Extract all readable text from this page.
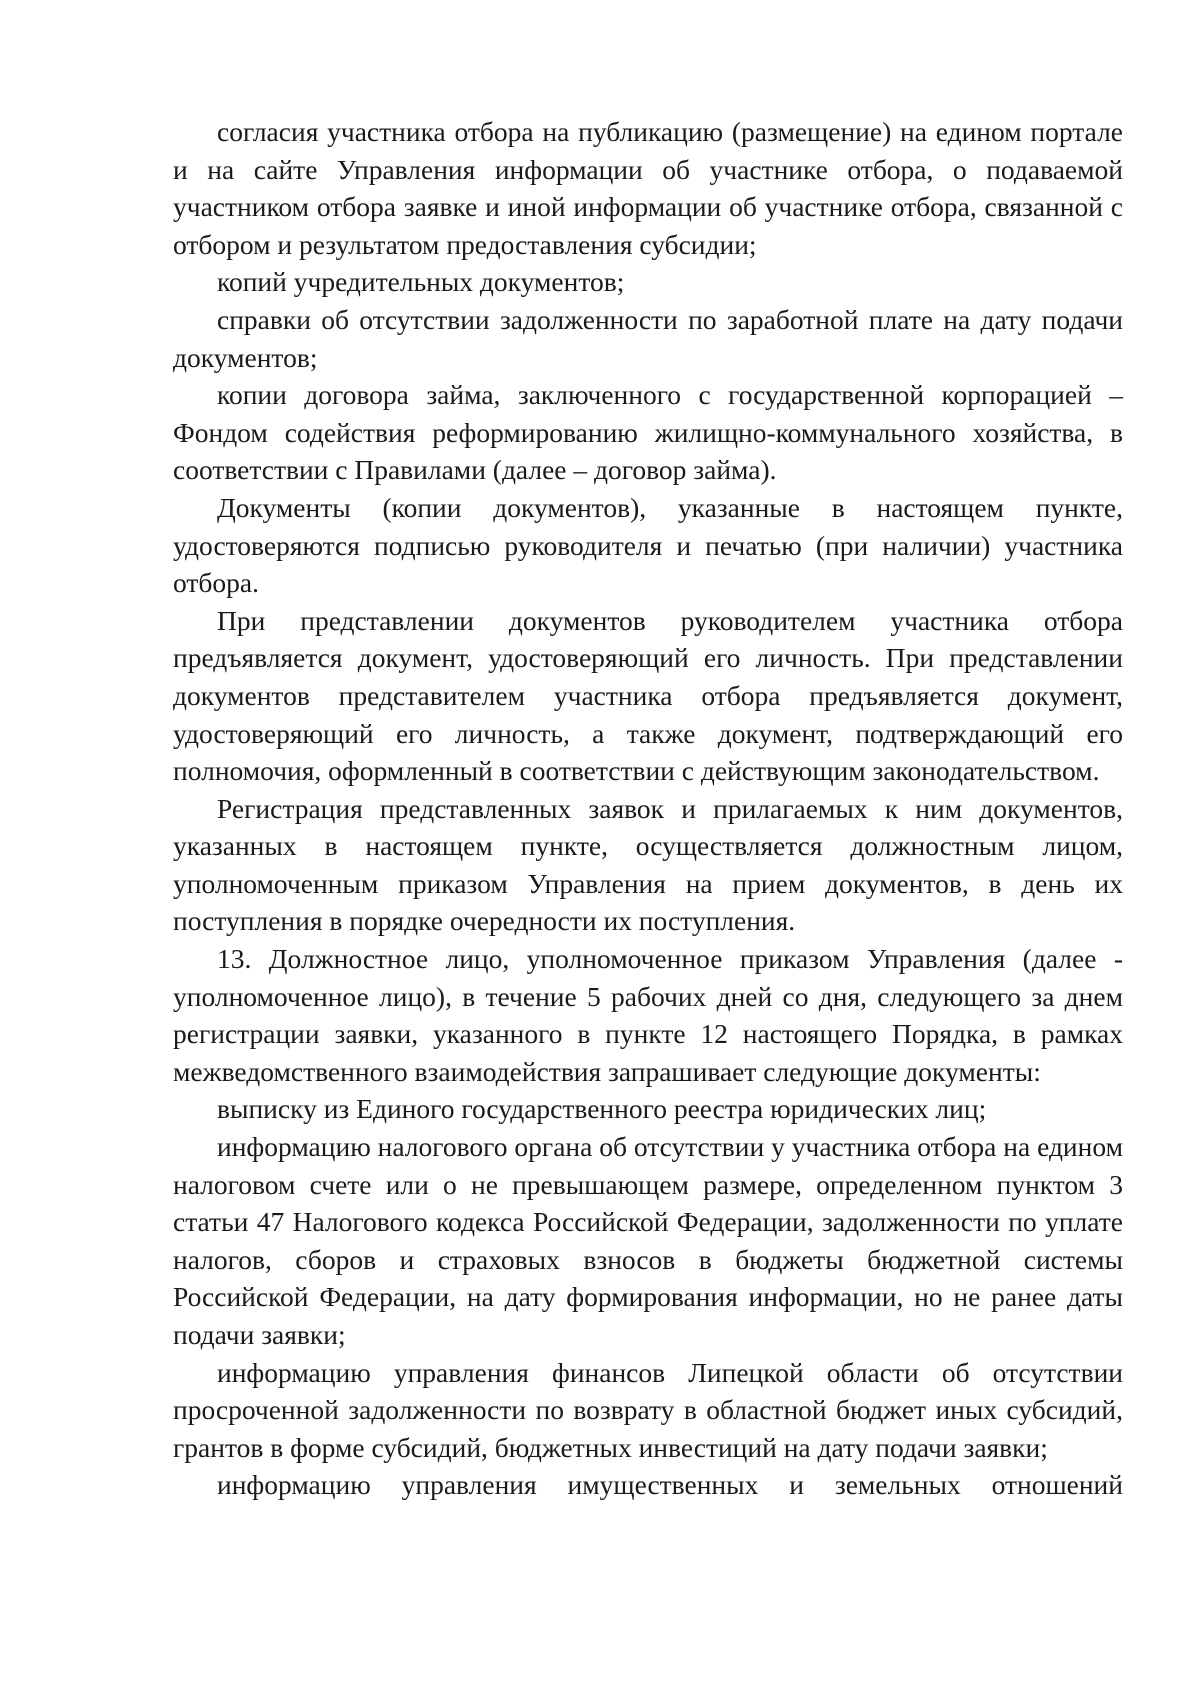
согласия участника отбора на публикацию (размещение) на едином портале и на сайте Управления информации об участнике отбора, о подаваемой участником отбора заявке и иной информации об участнике отбора, связанной с отбором и результатом предоставления субсидии;

копий учредительных документов;

справки об отсутствии задолженности по заработной плате на дату подачи документов;

копии договора займа, заключенного с государственной корпорацией – Фондом содействия реформированию жилищно-коммунального хозяйства, в соответствии с Правилами (далее – договор займа).

Документы (копии документов), указанные в настоящем пункте, удостоверяются подписью руководителя и печатью (при наличии) участника отбора.

При представлении документов руководителем участника отбора предъявляется документ, удостоверяющий его личность. При представлении документов представителем участника отбора предъявляется документ, удостоверяющий его личность, а также документ, подтверждающий его полномочия, оформленный в соответствии с действующим законодательством.

Регистрация представленных заявок и прилагаемых к ним документов, указанных в настоящем пункте, осуществляется должностным лицом, уполномоченным приказом Управления на прием документов, в день их поступления в порядке очередности их поступления.

13. Должностное лицо, уполномоченное приказом Управления (далее - уполномоченное лицо), в течение 5 рабочих дней со дня, следующего за днем регистрации заявки, указанного в пункте 12 настоящего Порядка, в рамках межведомственного взаимодействия запрашивает следующие документы:

выписку из Единого государственного реестра юридических лиц;

информацию налогового органа об отсутствии у участника отбора на едином налоговом счете или о не превышающем размере, определенном пунктом 3 статьи 47 Налогового кодекса Российской Федерации, задолженности по уплате налогов, сборов и страховых взносов в бюджеты бюджетной системы Российской Федерации, на дату формирования информации, но не ранее даты подачи заявки;

информацию управления финансов Липецкой области об отсутствии просроченной задолженности по возврату в областной бюджет иных субсидий, грантов в форме субсидий, бюджетных инвестиций на дату подачи заявки;

информацию управления имущественных и земельных отношений
